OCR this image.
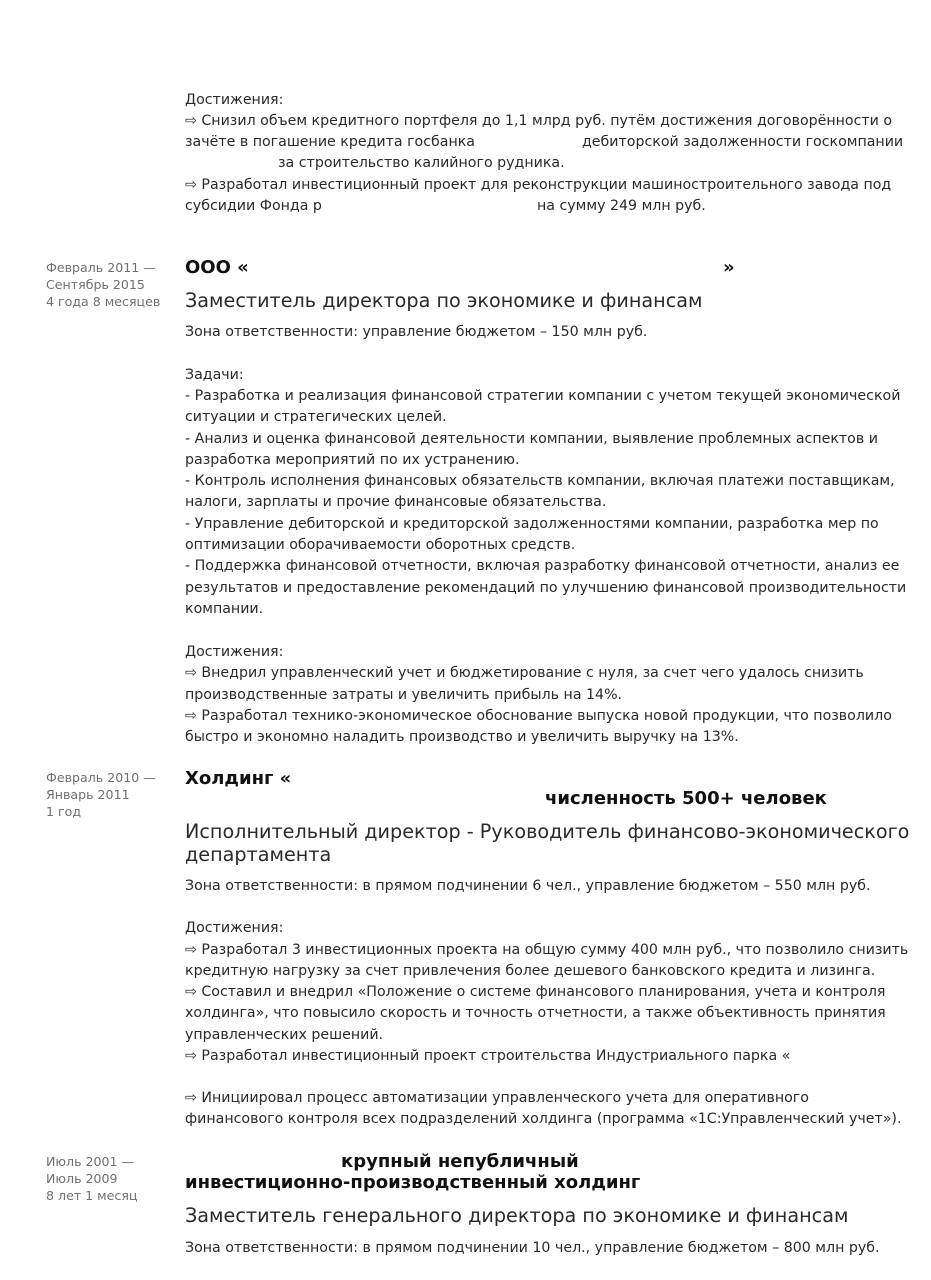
Достижения:
⇨ Снизил объем кредитного портфеля до 1,1 млрд руб. путём достижения договорённости о
зачёте в погашение кредита госбанка	дебиторской задолженности госкомпании
за строительство калийного рудника.
⇨ Разработал инвестиционный проект для реконструкции машиностроительного завода под
субсидии Фонда р	на сумму 249 млн руб.
Февраль 2011 —
Сентябрь 2015
4 года 8 месяцев
ООО «	»
Заместитель директора по экономике и финансам
Зона ответственности: управление бюджетом – 150 млн руб.
Задачи:
- Разработка и реализация финансовой стратегии компании с учетом текущей экономической
ситуации и стратегических целей.
- Анализ и оценка финансовой деятельности компании, выявление проблемных аспектов и
разработка мероприятий по их устранению.
- Контроль исполнения финансовых обязательств компании, включая платежи поставщикам,
налоги, зарплаты и прочие финансовые обязательства.
- Управление дебиторской и кредиторской задолженностями компании, разработка мер по
оптимизации оборачиваемости оборотных средств.
- Поддержка финансовой отчетности, включая разработку финансовой отчетности, анализ ее
результатов и предоставление рекомендаций по улучшению финансовой производительности
компании.
Достижения:
⇨ Внедрил управленческий учет и бюджетирование с нуля, за счет чего удалось снизить
производственные затраты и увеличить прибыль на 14%.
⇨ Разработал технико-экономическое обоснование выпуска новой продукции, что позволило
быстро и экономно наладить производство и увеличить выручку на 13%.
Февраль 2010 —
Январь 2011
1 год
Холдинг «
численность 500+ человек
Исполнительный директор - Руководитель финансово-экономического
департамента
Зона ответственности: в прямом подчинении 6 чел., управление бюджетом – 550 млн руб.
Достижения:
⇨ Разработал 3 инвестиционных проекта на общую сумму 400 млн руб., что позволило снизить
кредитную нагрузку за счет привлечения более дешевого банковского кредита и лизинга.
⇨ Составил и внедрил «Положение о системе финансового планирования, учета и контроля
холдинга», что повысило скорость и точность отчетности, а также объективность принятия
управленческих решений.
⇨ Разработал инвестиционный проект строительства Индустриального парка «
⇨ Инициировал процесс автоматизации управленческого учета для оперативного
финансового контроля всех подразделений холдинга (программа «1С:Управленческий учет»).
Июль 2001 —
Июль 2009
8 лет 1 месяц
крупный непубличный
инвестиционно-производственный холдинг
Заместитель генерального директора по экономике и финансам
Зона ответственности: в прямом подчинении 10 чел., управление бюджетом – 800 млн руб.
